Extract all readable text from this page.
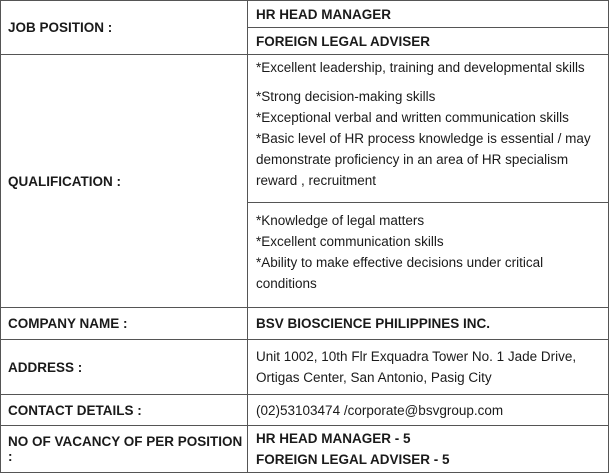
JOB POSITION :
HR HEAD MANAGER
FOREIGN LEGAL ADVISER
QUALIFICATION :
*Excellent leadership, training and developmental skills
*Strong decision-making skills
*Exceptional verbal and written communication skills
*Basic level of HR process knowledge is essential / may
demonstrate proficiency in an area of HR specialism
reward , recruitment
*Knowledge of legal matters
*Excellent communication skills
*Ability to make effective decisions under critical
conditions
COMPANY NAME :	BSV BIOSCIENCE PHILIPPINES INC.
ADDRESS :
Unit 1002, 10th Flr Exquadra Tower No. 1 Jade Drive,
Ortigas Center, San Antonio, Pasig City
CONTACT DETAILS :	(02)53103474 /corporate@bsvgroup.com
NO OF VACANCY OF PER POSITION :
HR HEAD MANAGER - 5
FOREIGN LEGAL ADVISER - 5
